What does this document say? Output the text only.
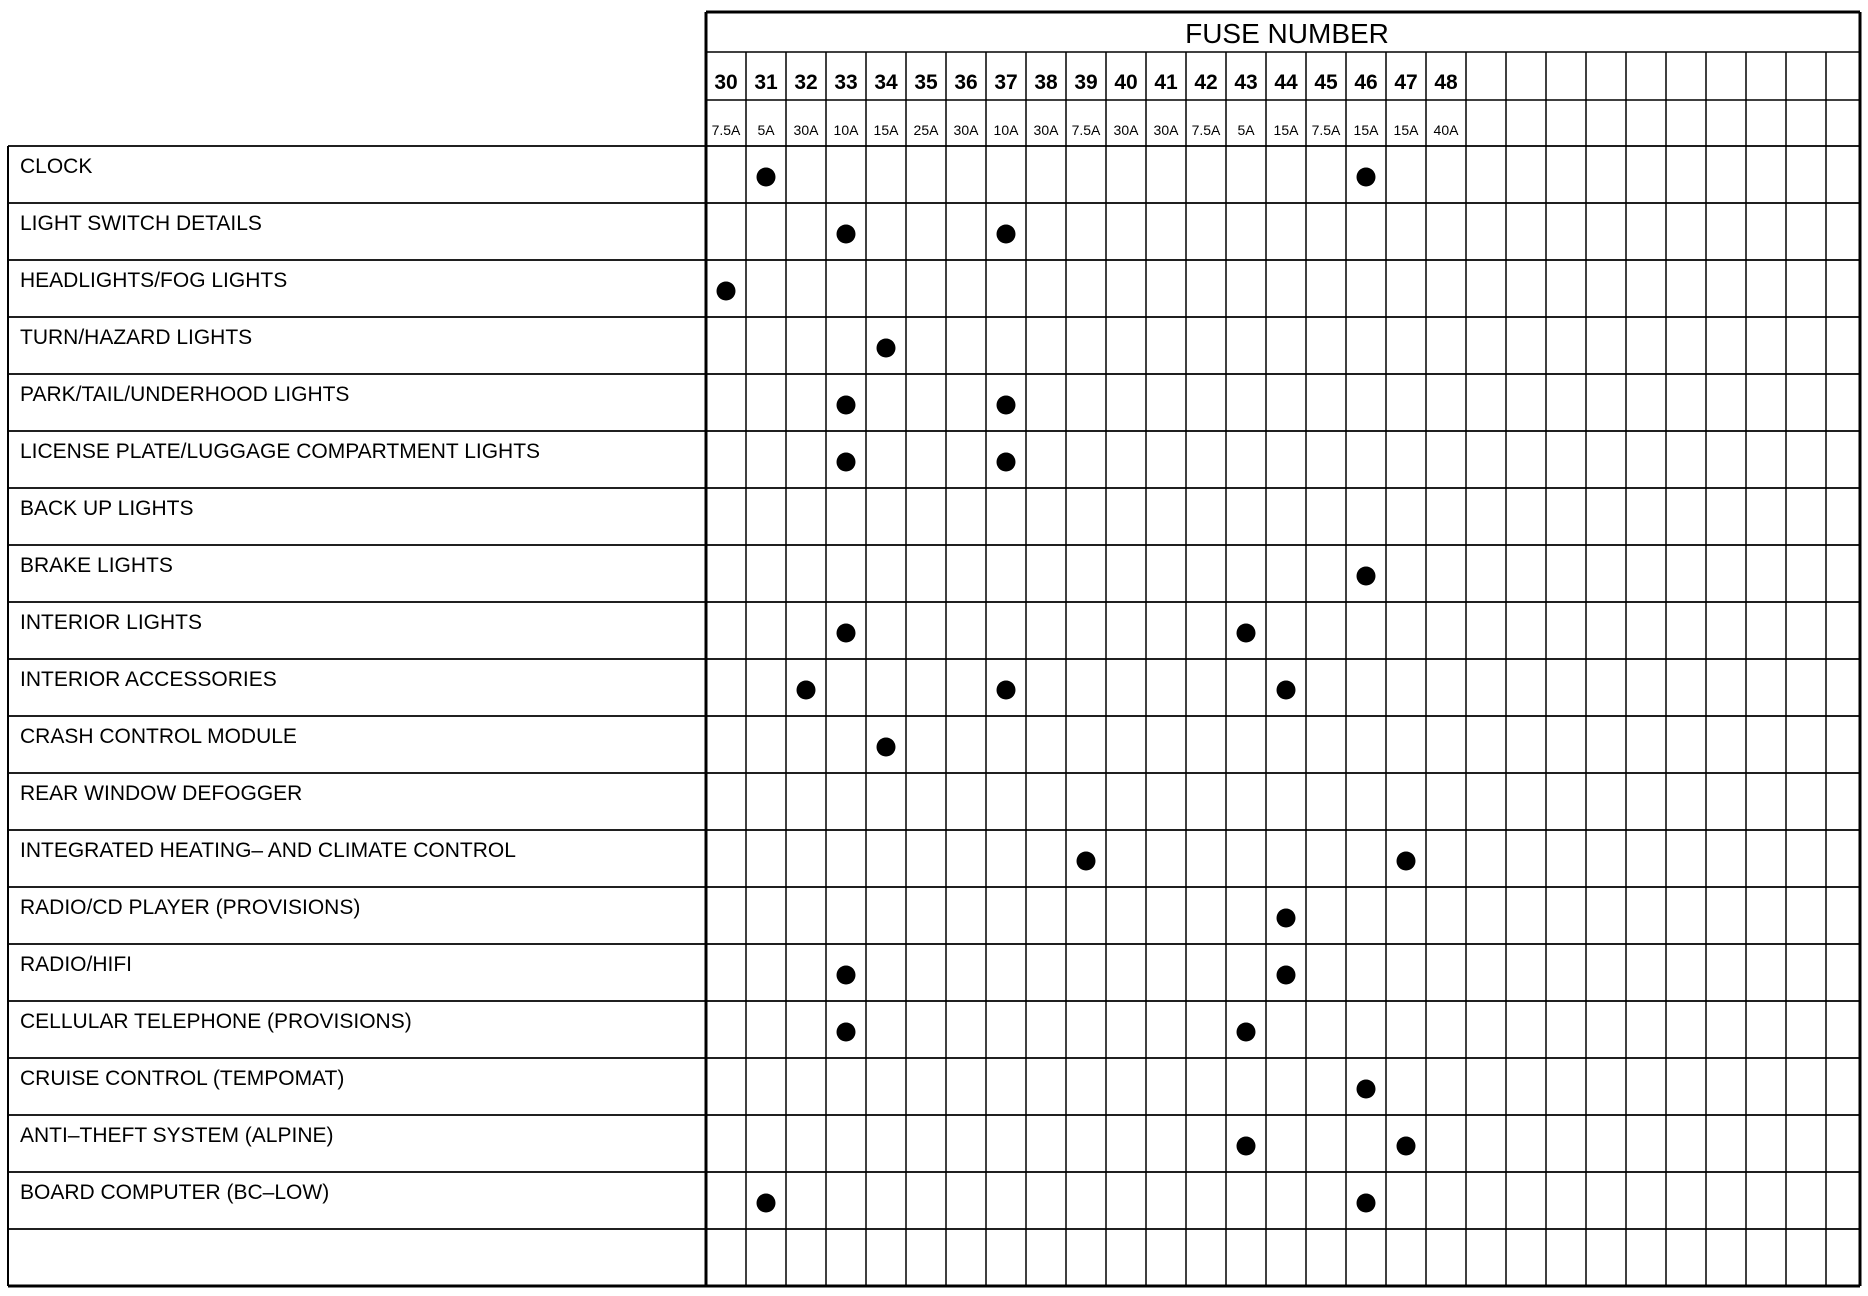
FUSE NUMBER
30
7.5A
31
5A
32
30A
33
10A
34
15A
35
25A
36
30A
37
10A
38
30A
39
7.5A
40
30A
41
30A
42
7.5A
43
5A
44
15A
45
7.5A
46
15A
47
15A
48
40A
CLOCK
LIGHT SWITCH DETAILS
HEADLIGHTS/FOG LIGHTS
TURN/HAZARD LIGHTS
PARK/TAIL/UNDERHOOD LIGHTS
LICENSE PLATE/LUGGAGE COMPARTMENT LIGHTS
BACK UP LIGHTS
BRAKE LIGHTS
INTERIOR LIGHTS
INTERIOR ACCESSORIES
CRASH CONTROL MODULE
REAR WINDOW DEFOGGER
INTEGRATED HEATING– AND CLIMATE CONTROL
RADIO/CD PLAYER (PROVISIONS)
RADIO/HIFI
CELLULAR TELEPHONE (PROVISIONS)
CRUISE CONTROL (TEMPOMAT)
ANTI–THEFT SYSTEM (ALPINE)
BOARD COMPUTER (BC–LOW)
